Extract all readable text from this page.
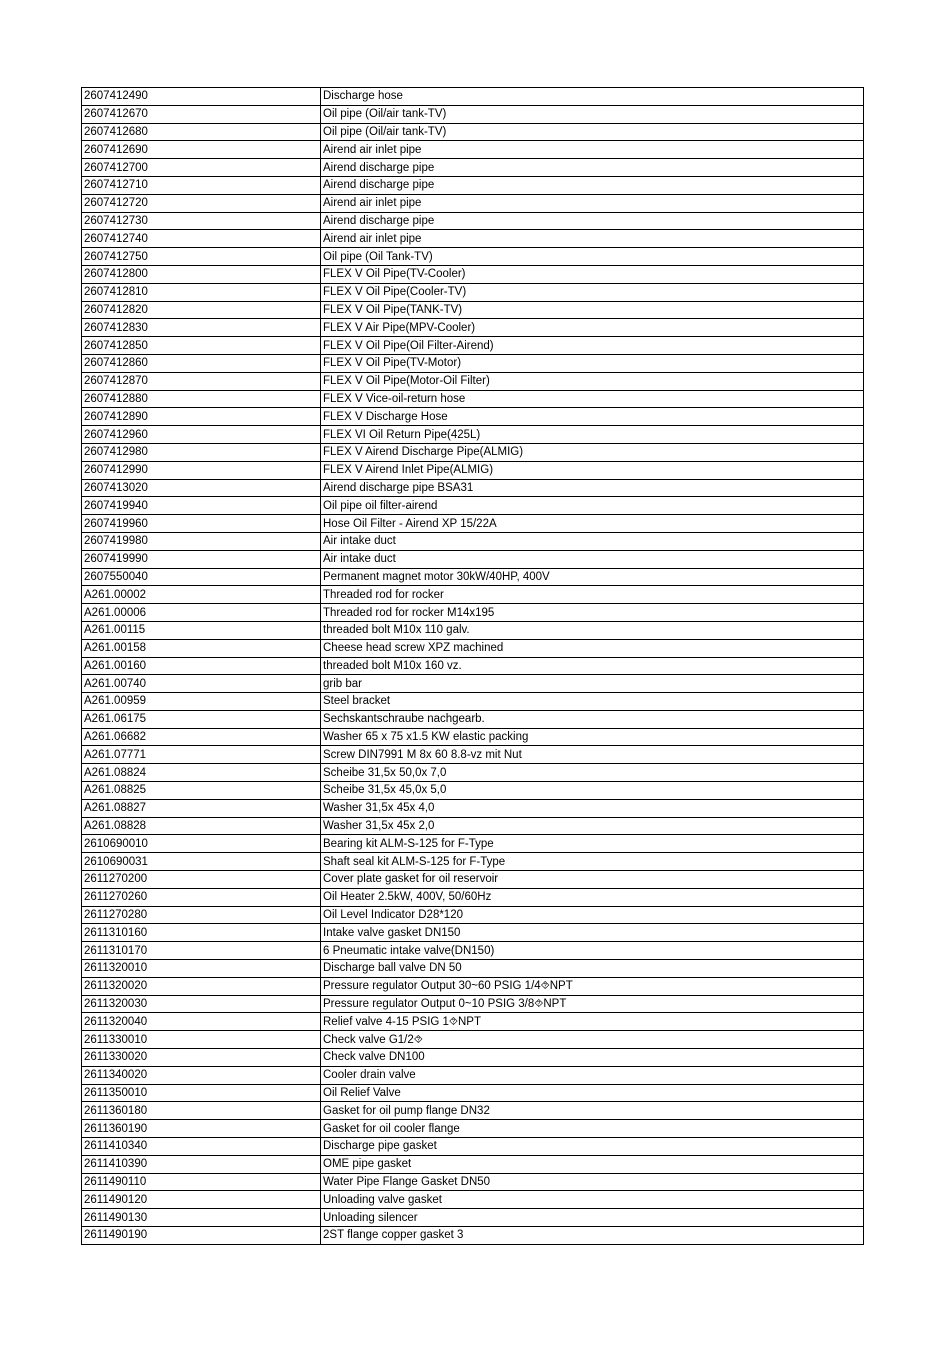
2607412490	Discharge hose
2607412670	Oil pipe (Oil/air tank-TV)
2607412680	Oil pipe (Oil/air tank-TV)
2607412690	Airend air inlet pipe
2607412700	Airend discharge pipe
2607412710	Airend discharge pipe
2607412720	Airend air inlet pipe
2607412730	Airend discharge pipe
2607412740	Airend air inlet pipe
2607412750	Oil pipe (Oil Tank-TV)
2607412800	FLEX V Oil Pipe(TV-Cooler)
2607412810	FLEX V Oil Pipe(Cooler-TV)
2607412820	FLEX V Oil Pipe(TANK-TV)
2607412830	FLEX V Air Pipe(MPV-Cooler)
2607412850	FLEX V Oil Pipe(Oil Filter-Airend)
2607412860	FLEX V Oil Pipe(TV-Motor)
2607412870	FLEX V Oil Pipe(Motor-Oil Filter)
2607412880	FLEX V Vice-oil-return hose
2607412890	FLEX V Discharge Hose
2607412960	FLEX VI Oil Return Pipe(425L)
2607412980	FLEX V Airend Discharge Pipe(ALMIG)
2607412990	FLEX V Airend Inlet Pipe(ALMIG)
2607413020	Airend discharge pipe BSA31
2607419940	Oil pipe oil filter-airend
2607419960	Hose Oil Filter - Airend XP 15/22A
2607419980	Air intake duct
2607419990	Air intake duct
2607550040	Permanent magnet motor 30kW/40HP, 400V
A261.00002	Threaded rod for rocker
A261.00006	Threaded rod for rocker M14x195
A261.00115	threaded bolt M10x 110 galv.
A261.00158	Cheese head screw XPZ machined
A261.00160	threaded bolt M10x 160 vz.
A261.00740	grib bar
A261.00959	Steel bracket
A261.06175	Sechskantschraube nachgearb.
A261.06682	Washer 65 x 75 x1.5 KW elastic packing
A261.07771	Screw DIN7991 M 8x 60 8.8-vz mit Nut
A261.08824	Scheibe 31,5x 50,0x 7,0
A261.08825	Scheibe 31,5x 45,0x 5,0
A261.08827	Washer 31,5x 45x 4,0
A261.08828	Washer 31,5x 45x 2,0
2610690010	Bearing kit ALM-S-125 for F-Type
2610690031	Shaft seal kit ALM-S-125 for F-Type
2611270200	Cover plate gasket for oil reservoir
2611270260	Oil Heater 2.5kW, 400V, 50/60Hz
2611270280	Oil Level Indicator D28*120
2611310160	Intake valve gasket DN150
2611310170	6 Pneumatic intake valve(DN150)
2611320010	Discharge ball valve DN 50
2611320020	Pressure regulator Output 30~60 PSIG 1/4⯑NPT
2611320030	Pressure regulator Output 0~10 PSIG 3/8⯑NPT
2611320040	Relief valve 4-15 PSIG 1⯑NPT
2611330010	Check valve G1/2⯑
2611330020	Check valve DN100
2611340020	Cooler drain valve
2611350010	Oil Relief Valve
2611360180	Gasket for oil pump flange DN32
2611360190	Gasket for oil cooler flange
2611410340	Discharge pipe gasket
2611410390	OME pipe gasket
2611490110	Water Pipe Flange Gasket DN50
2611490120	Unloading valve gasket
2611490130	Unloading silencer
2611490190	2ST flange copper gasket 3
